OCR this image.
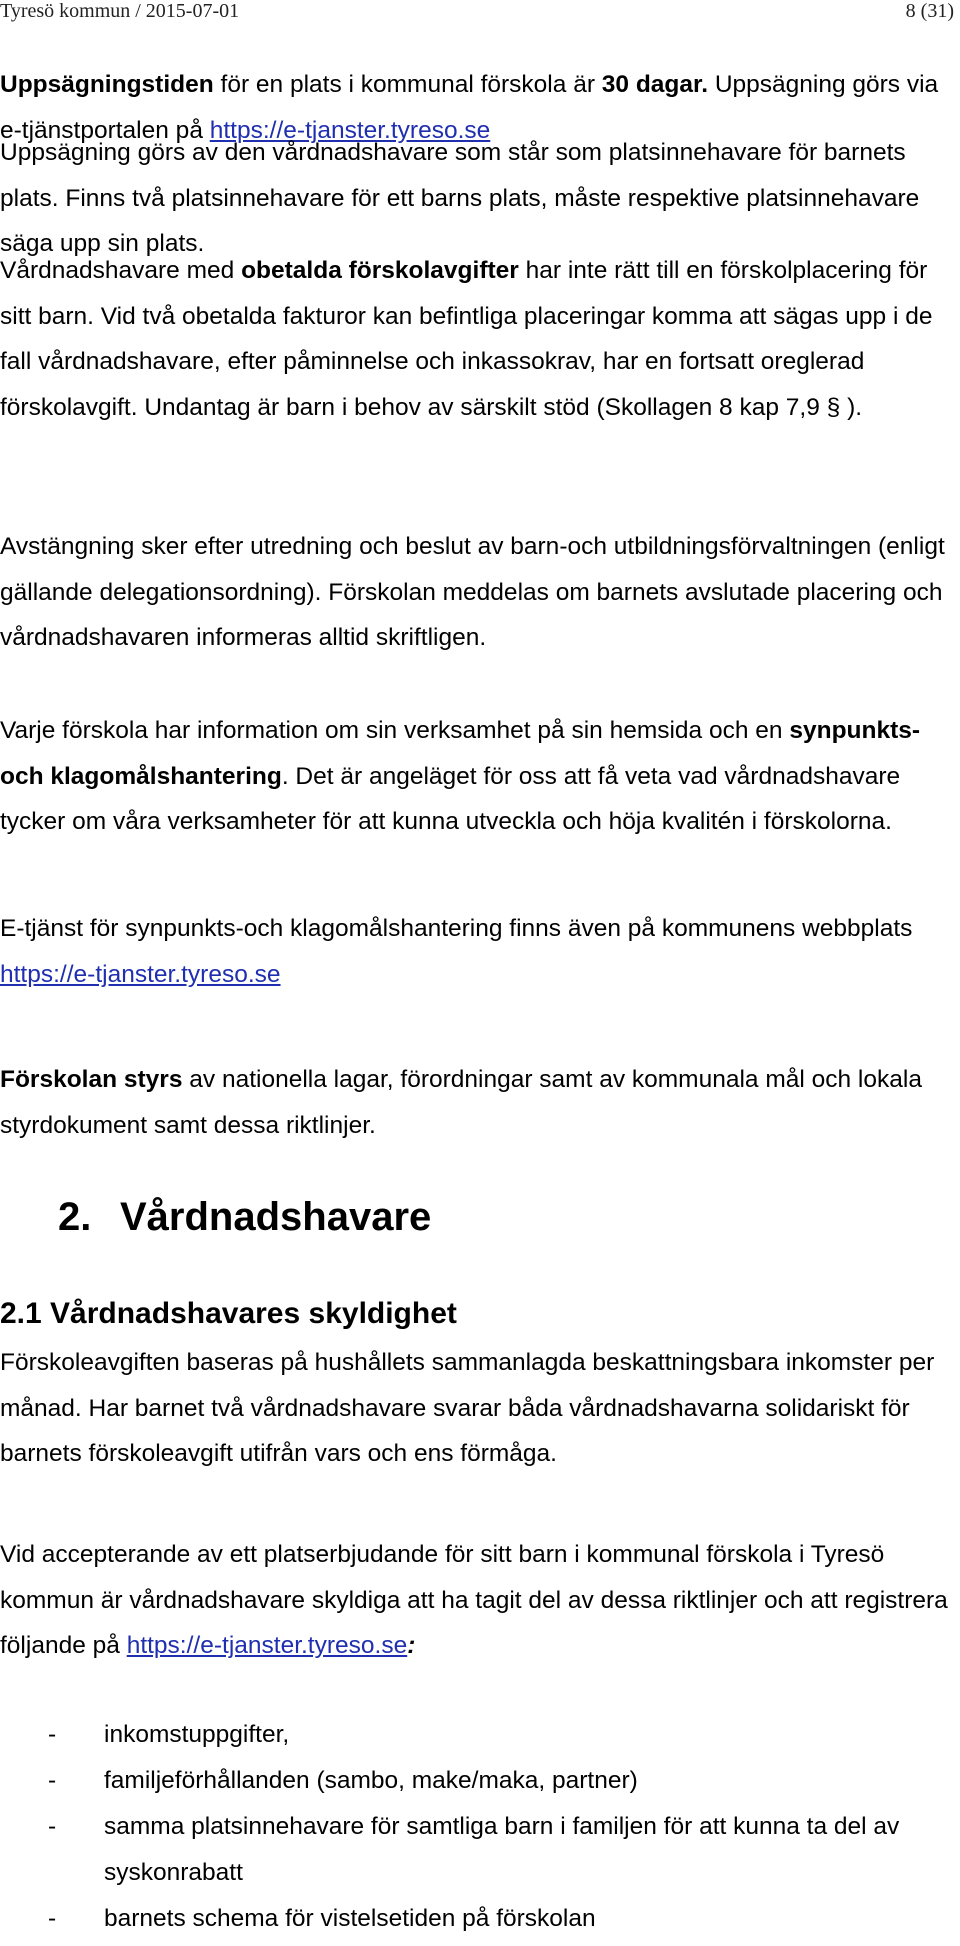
Tyresö kommun / 2015-07-01	8 (31)

Uppsägningstiden för en plats i kommunal förskola är 30 dagar. Uppsägning görs via e-tjänstportalen på https://e-tjanster.tyreso.se

Uppsägning görs av den vårdnadshavare som står som platsinnehavare för barnets plats. Finns två platsinnehavare för ett barns plats, måste respektive platsinnehavare säga upp sin plats.

Vårdnadshavare med obetalda förskolavgifter har inte rätt till en förskolplacering för sitt barn. Vid två obetalda fakturor kan befintliga placeringar komma att sägas upp i de fall vårdnadshavare, efter påminnelse och inkassokrav, har en fortsatt oreglerad förskolavgift. Undantag är barn i behov av särskilt stöd (Skollagen 8 kap 7,9 § ).

Avstängning sker efter utredning och beslut av barn-och utbildningsförvaltningen (enligt gällande delegationsordning). Förskolan meddelas om barnets avslutade placering och vårdnadshavaren informeras alltid skriftligen.

Varje förskola har information om sin verksamhet på sin hemsida och en synpunkts-och klagomålshantering. Det är angeläget för oss att få veta vad vårdnadshavare tycker om våra verksamheter för att kunna utveckla och höja kvalitén i förskolorna.

E-tjänst för synpunkts-och klagomålshantering finns även på kommunens webbplats https://e-tjanster.tyreso.se

Förskolan styrs av nationella lagar, förordningar samt av kommunala mål och lokala styrdokument samt dessa riktlinjer.

2. Vårdnadshavare
2.1 Vårdnadshavares skyldighet

Förskoleavgiften baseras på hushållets sammanlagda beskattningsbara inkomster per månad. Har barnet två vårdnadshavare svarar båda vårdnadshavarna solidariskt för barnets förskoleavgift utifrån vars och ens förmåga.

Vid accepterande av ett platserbjudande för sitt barn i kommunal förskola i Tyresö kommun är vårdnadshavare skyldiga att ha tagit del av dessa riktlinjer och att registrera följande på https://e-tjanster.tyreso.se:

- inkomstuppgifter,
- familjeförhållanden (sambo, make/maka, partner)
- samma platsinnehavare för samtliga barn i familjen för att kunna ta del av syskonrabatt
- barnets schema för vistelsetiden på förskolan
